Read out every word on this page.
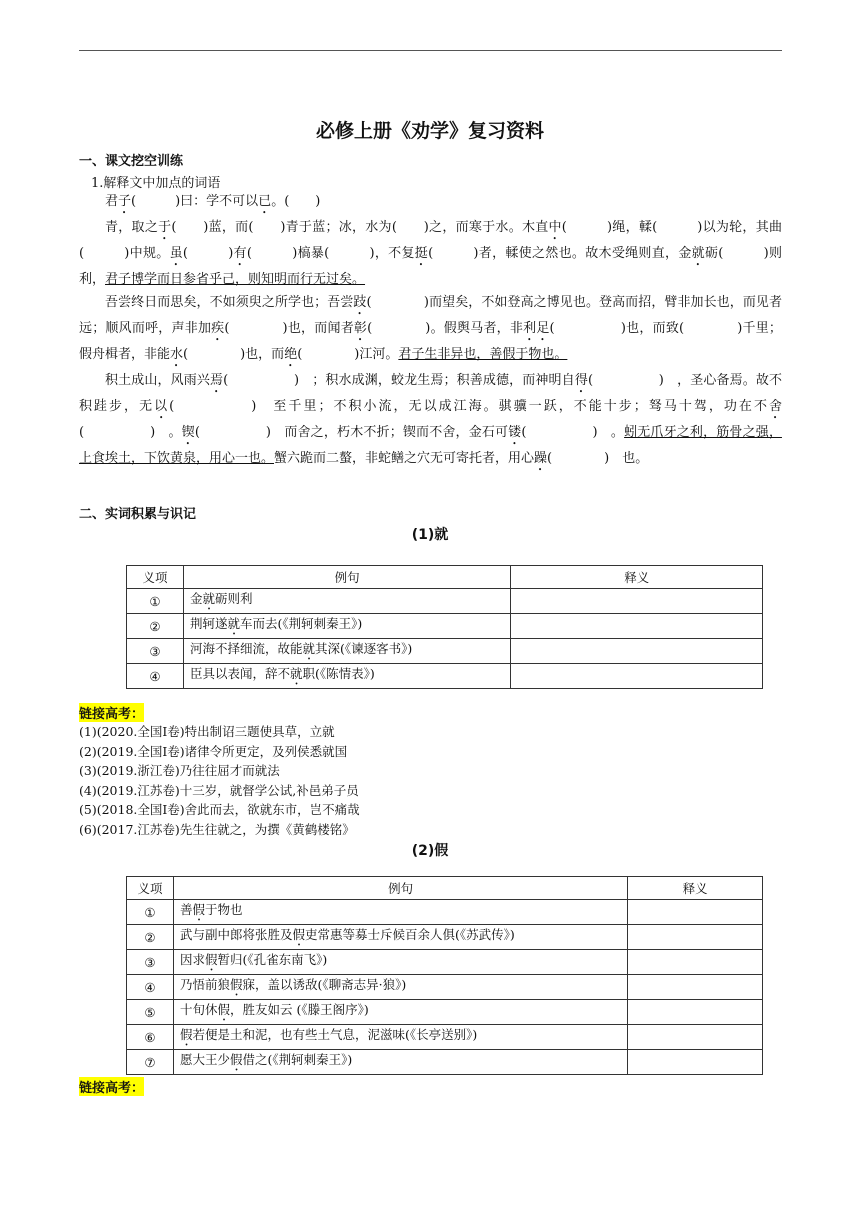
必修上册《劝学》复习资料
一、课文挖空训练
1.解释文中加点的词语

君子(　　　)曰：学不可以已。(　　)

青，取之于(　　)蓝，而(　　)青于蓝；冰，水为(　　)之，而寒于水。木直中(　　　)绳，輮(　　　)以为轮，其曲(　　　)中规。虽(　　　)有(　　　)槁暴(　　　)，不复挺(　　　)者，輮使之然也。故木受绳则直，金就砺(　　　)则利，君子博学而日参省乎己，则知明而行无过矣。

吾尝终日而思矣，不如须臾之所学也；吾尝跂(　　　　)而望矣，不如登高之博见也。登高而招，臂非加长也，而见者远；顺风而呼，声非加疾(　　　　)也，而闻者彰(　　　　)。假舆马者，非利足(　　　　　)也，而致(　　　　)千里；假舟楫者，非能水(　　　　)也，而绝(　　　　)江河。君子生非异也，善假于物也。

积土成山，风雨兴焉(　　　　　)　；积水成渊，蛟龙生焉；积善成德，而神明自得(　　　　　)　，圣心备焉。故不积跬步，无以(　　　　　)　至千里；不积小流，无以成江海。骐骥一跃，不能十步；驽马十驾，功在不舍(　　　　　)　。锲(　　　　　)　而舍之，朽木不折；锲而不舍，金石可镂(　　　　　)　。蚓无爪牙之利，筋骨之强，上食埃土，下饮黄泉，用心一也。蟹六跪而二螯，非蛇鳝之穴无可寄托者，用心躁(　　　　)　也。

二、实词积累与识记
(1)就
义项	例句	释义
①	金就砺则利	
②	荆轲遂就车而去(《荆轲刺秦王》)	
③	河海不择细流，故能就其深(《谏逐客书》)	
④	臣具以表闻，辞不就职(《陈情表》)	
链接高考：
(1)(2020.全国Ⅰ卷)特出制诏三题使具草，立就
(2)(2019.全国Ⅰ卷)诸律令所更定，及列侯悉就国
(3)(2019.浙江卷)乃往往屈才而就法
(4)(2019.江苏卷)十三岁，就督学公试,补邑弟子员
(5)(2018.全国Ⅰ卷)舍此而去，欲就东市，岂不痛哉
(6)(2017.江苏卷)先生往就之，为撰《黄鹤楼铭》
(2)假
义项	例句	释义
①	善假于物也	
②	武与副中郎将张胜及假吏常惠等募士斥候百余人俱(《苏武传》)	
③	因求假暂归(《孔雀东南飞》)	
④	乃悟前狼假寐，盖以诱敌(《聊斋志异·狼》)	
⑤	十旬休假，胜友如云 (《滕王阁序》)	
⑥	假若便是土和泥，也有些土气息，泥滋味(《长亭送别》)	
⑦	愿大王少假借之(《荆轲刺秦王》)	
链接高考：
